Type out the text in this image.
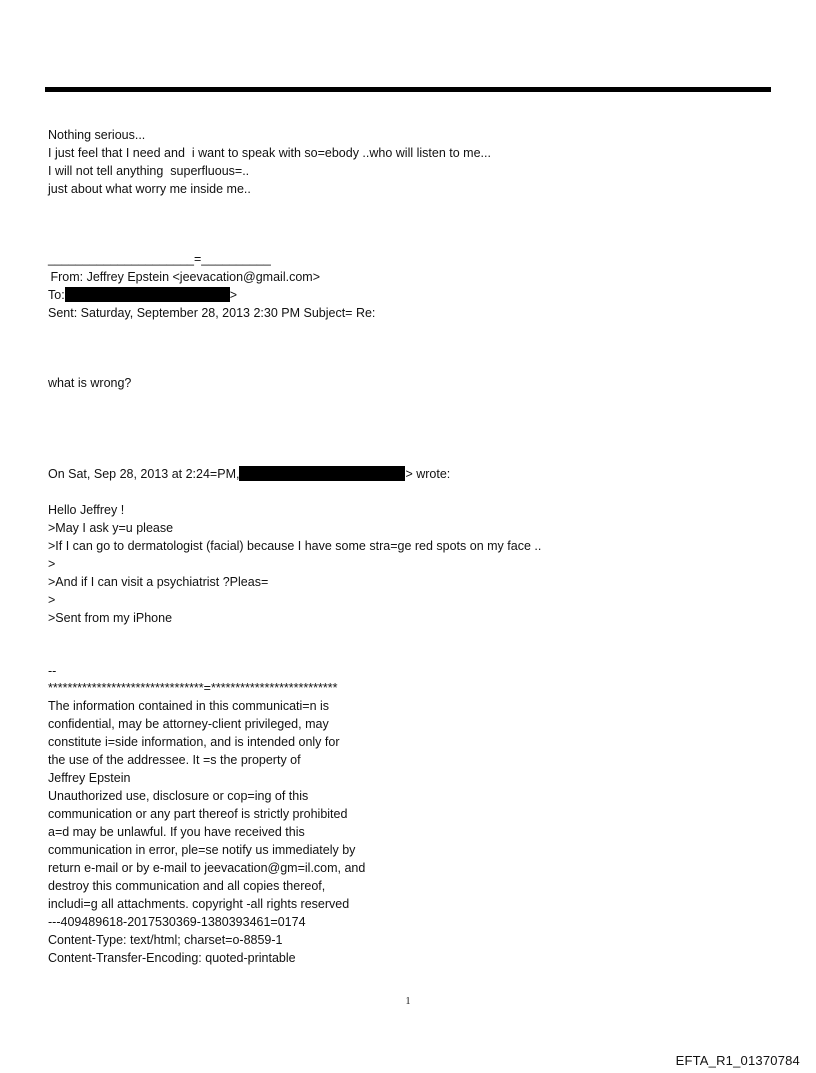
Nothing serious...
I just feel that I need and  i want to speak with so=ebody ..who will listen to me...
I will not tell anything  superfluous=..
just about what worry me inside me..
_____________________=__________
From: Jeffrey Epstein <jeevacation@gmail.com>
To:	>
Sent: Saturday, September 28, 2013 2:30 PM Subject= Re:
what is wrong?
On Sat, Sep 28, 2013 at 2:24=PM,	> wrote:
Hello Jeffrey !
>May I ask y=u please
>If I can go to dermatologist (facial) because I have some stra=ge red spots on my face ..
>
>And if I can visit a psychiatrist ?Pleas=
>
>Sent from my iPhone
--
********************************=**************************
The information contained in this communicati=n is
confidential, may be attorney-client privileged, may
constitute i=side information, and is intended only for
the use of the addressee. It =s the property of
Jeffrey Epstein
Unauthorized use, disclosure or cop=ing of this
communication or any part thereof is strictly prohibited
a=d may be unlawful. If you have received this
communication in error, ple=se notify us immediately by
return e-mail or by e-mail to jeevacation@gm=il.com, and
destroy this communication and all copies thereof,
includi=g all attachments. copyright -all rights reserved
---409489618-2017530369-1380393461=0174
Content-Type: text/html; charset=o-8859-1
Content-Transfer-Encoding: quoted-printable
1
EFTA_R1_01370784
